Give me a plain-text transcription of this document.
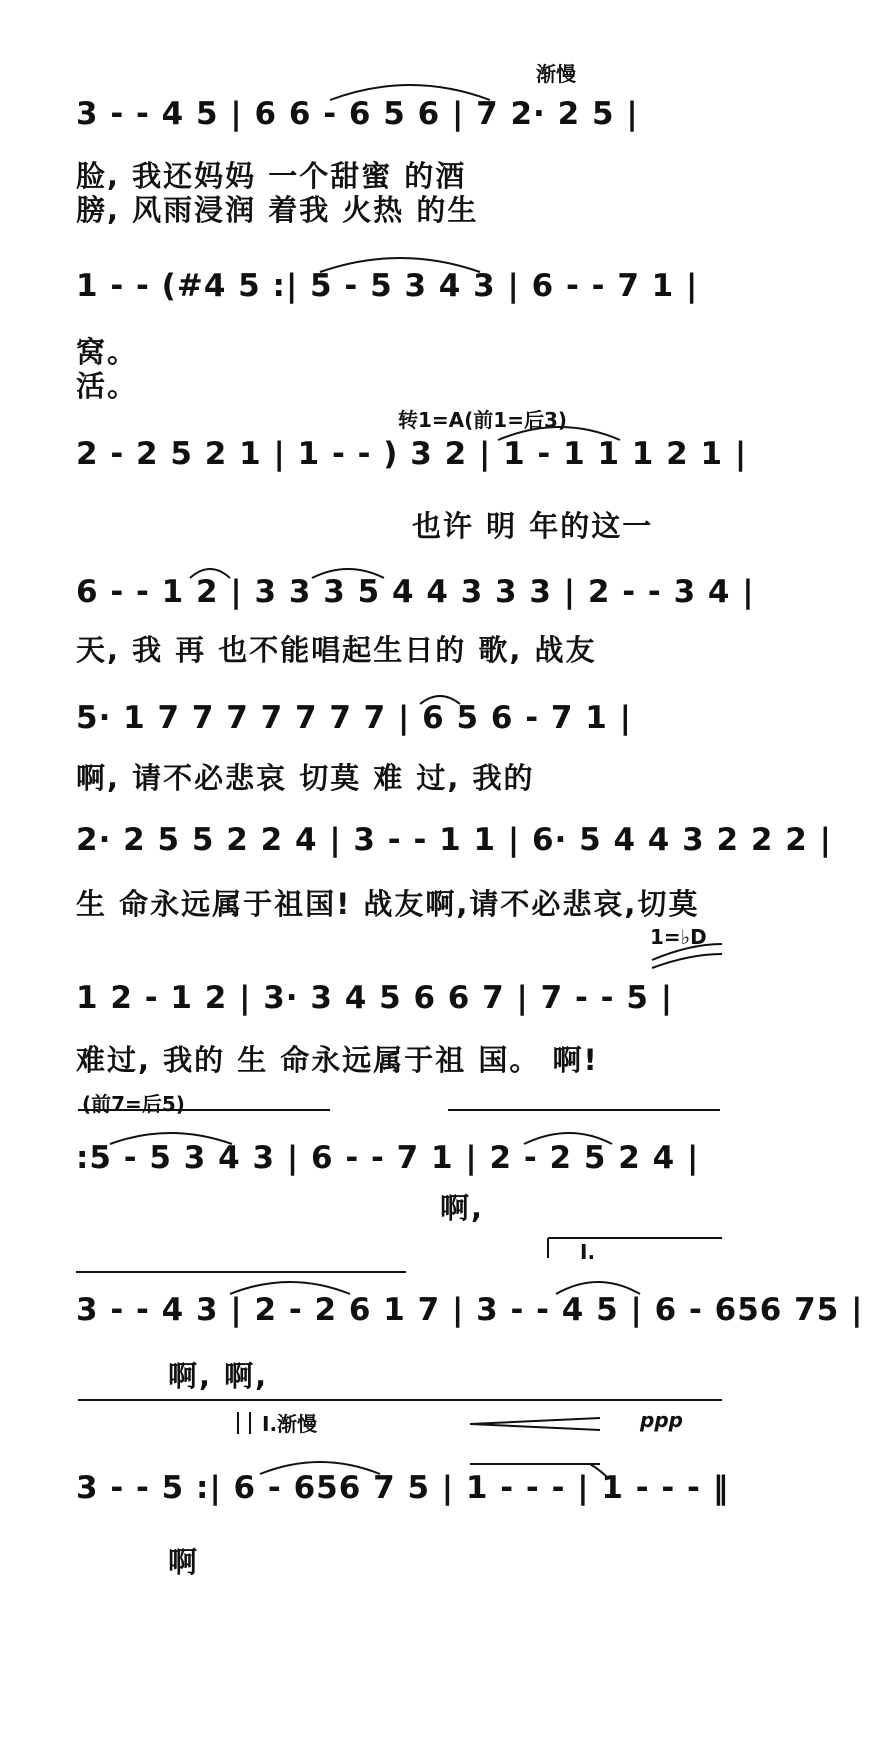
渐慢
转1=A(前1=后3)
1=♭D
(前7=后5)
I.
I.渐慢	ppp
3 - - 4 5 | 6 6 - 6 5 6 | 7 2· 2 5 |
脸, 我还妈妈 一个甜蜜 的酒
膀, 风雨浸润 着我 火热 的生
1 - - (#4 5 :| 5 - 5 3 4 3 | 6 - - 7 1 |
窝。
活。
2 - 2 5 2 1 | 1 - - ) 3 2 | 1 - 1 1 1 2 1 |
也许 明 年的这一
6 - - 1 2 | 3 3 3 5 4 4 3 3 3 | 2 - - 3 4 |
天, 我 再 也不能唱起生日的 歌, 战友
5· 1 7 7 7 7 7 7 7 | 6 5 6 - 7 1 |
啊, 请不必悲哀 切莫 难 过, 我的
2· 2 5 5 2 2 4 | 3 - - 1 1 | 6· 5 4 4 3 2 2 2 |
生 命永远属于祖国! 战友啊,请不必悲哀,切莫
1 2 - 1 2 | 3· 3 4 5 6 6 7 | 7 - - 5 |
难过, 我的 生 命永远属于祖 国。 啊!
:5 - 5 3 4 3 | 6 - - 7 1 | 2 - 2 5 2 4 |
啊,
3 - - 4 3 | 2 - 2 6 1 7 | 3 - - 4 5 | 6 - 656 75 |
啊, 啊,
3 - - 5 :| 6 - 656 7 5 | 1 - - - | 1 - - - ‖
啊
